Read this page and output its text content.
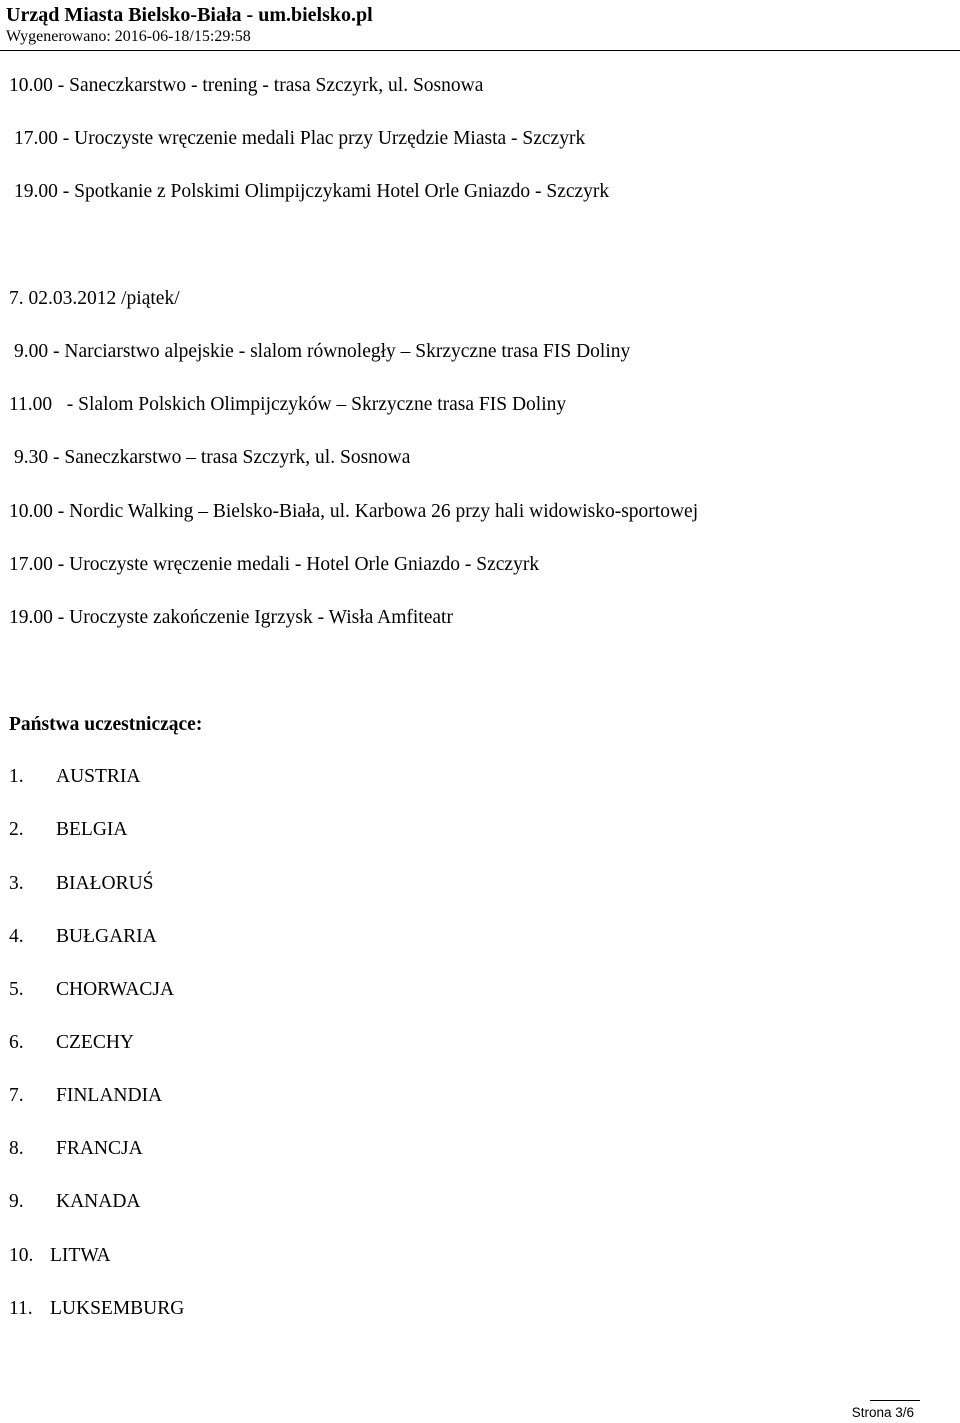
Urząd Miasta Bielsko-Biała - um.bielsko.pl
Wygenerowano: 2016-06-18/15:29:58
10.00 - Saneczkarstwo - trening - trasa Szczyrk, ul. Sosnowa
17.00 - Uroczyste wręczenie medali Plac przy Urzędzie Miasta - Szczyrk
19.00 - Spotkanie z Polskimi Olimpijczykami Hotel Orle Gniazdo - Szczyrk
7. 02.03.2012 /piątek/
9.00 - Narciarstwo alpejskie - slalom równoległy – Skrzyczne trasa FIS Doliny
11.00   - Slalom Polskich Olimpijczyków – Skrzyczne trasa FIS Doliny
9.30 - Saneczkarstwo – trasa Szczyrk, ul. Sosnowa
10.00 - Nordic Walking – Bielsko-Biała, ul. Karbowa 26 przy hali widowisko-sportowej
17.00 - Uroczyste wręczenie medali - Hotel Orle Gniazdo - Szczyrk
19.00 - Uroczyste zakończenie Igrzysk - Wisła Amfiteatr
Państwa uczestniczące:
1. AUSTRIA
2. BELGIA
3. BIAŁORUŚ
4. BUŁGARIA
5. CHORWACJA
6. CZECHY
7. FINLANDIA
8. FRANCJA
9. KANADA
10. LITWA
11. LUKSEMBURG
Strona 3/6
